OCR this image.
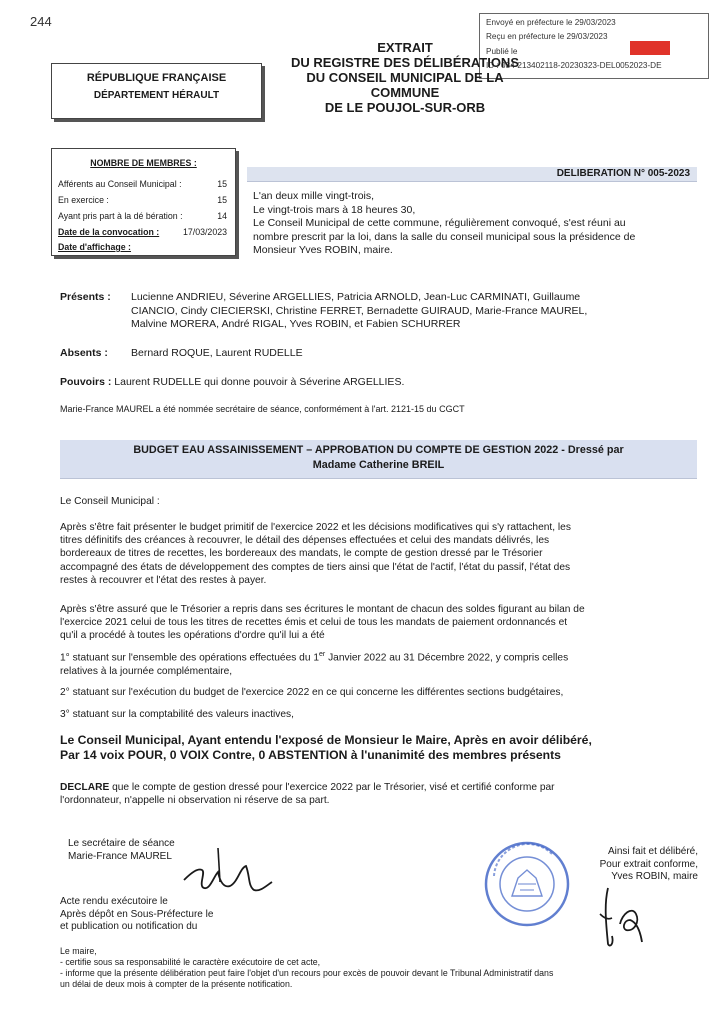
244	Envoyé en préfecture le 29/03/2023
Reçu en préfecture le 29/03/2023
Publié le
ID : 034-213402118-20230323-DEL0052023-DE
RÉPUBLIQUE FRANÇAISE
DÉPARTEMENT HÉRAULT
EXTRAIT
DU REGISTRE DES DÉLIBÉRATIONS
DU CONSEIL MUNICIPAL DE LA
COMMUNE
DE LE POUJOL-SUR-ORB
NOMBRE DE MEMBRES :
Afférents au Conseil Municipal :	15
En exercice :	15
Ayant pris part à la dé bération :	14
Date de la convocation :	17/03/2023
Date d'affichage :
DELIBERATION N° 005-2023
L'an deux mille vingt-trois,
Le vingt-trois mars à 18 heures 30,
Le Conseil Municipal de cette commune, régulièrement convoqué, s'est réuni au
nombre prescrit par la loi, dans la salle du conseil municipal sous la présidence de
Monsieur Yves ROBIN, maire.
Présents : Lucienne ANDRIEU, Séverine ARGELLIES, Patricia ARNOLD, Jean-Luc CARMINATI, Guillaume
CIANCIO, Cindy CIECIERSKI, Christine FERRET, Bernadette GUIRAUD, Marie-France MAUREL,
Malvine MORERA, André RIGAL, Yves ROBIN, et Fabien SCHURRER
Absents : Bernard ROQUE, Laurent RUDELLE
Pouvoirs : Laurent RUDELLE qui donne pouvoir à Séverine ARGELLIES.
Marie-France MAUREL a été nommée secrétaire de séance, conformément à l'art. 2121-15 du CGCT
BUDGET EAU ASSAINISSEMENT – APPROBATION DU COMPTE DE GESTION 2022 - Dressé par
Madame Catherine BREIL
Le Conseil Municipal :
Après s'être fait présenter le budget primitif de l'exercice 2022 et les décisions modificatives qui s'y rattachent, les
titres définitifs des créances à recouvrer, le détail des dépenses effectuées et celui des mandats délivrés, les
bordereaux de titres de recettes, les bordereaux des mandats, le compte de gestion dressé par le Trésorier
accompagné des états de développement des comptes de tiers ainsi que l'état de l'actif, l'état du passif, l'état des
restes à recouvrer et l'état des restes à payer.
Après s'être assuré que le Trésorier a repris dans ses écritures le montant de chacun des soldes figurant au bilan de
l'exercice 2021 celui de tous les titres de recettes émis et celui de tous les mandats de paiement ordonnancés et
qu'il a procédé à toutes les opérations d'ordre qu'il lui a été
1° statuant sur l'ensemble des opérations effectuées du 1er Janvier 2022 au 31 Décembre 2022, y compris celles
relatives à la journée complémentaire,
2° statuant sur l'exécution du budget de l'exercice 2022 en ce qui concerne les différentes sections budgétaires,
3° statuant sur la comptabilité des valeurs inactives,
Le Conseil Municipal, Ayant entendu l'exposé de Monsieur le Maire, Après en avoir délibéré,
Par 14 voix POUR, 0 VOIX Contre, 0 ABSTENTION à l'unanimité des membres présents
DECLARE que le compte de gestion dressé pour l'exercice 2022 par le Trésorier, visé et certifié conforme par
l'ordonnateur, n'appelle ni observation ni réserve de sa part.
Le secrétaire de séance
Marie-France MAUREL
Acte rendu exécutoire le
Après dépôt en Sous-Préfecture le
et publication ou notification du
Ainsi fait et délibéré,
Pour extrait conforme,
Yves ROBIN, maire
Le maire,
- certifie sous sa responsabilité le caractère exécutoire de cet acte,
- informe que la présente délibération peut faire l'objet d'un recours pour excès de pouvoir devant le Tribunal Administratif dans
un délai de deux mois à compter de la présente notification.
